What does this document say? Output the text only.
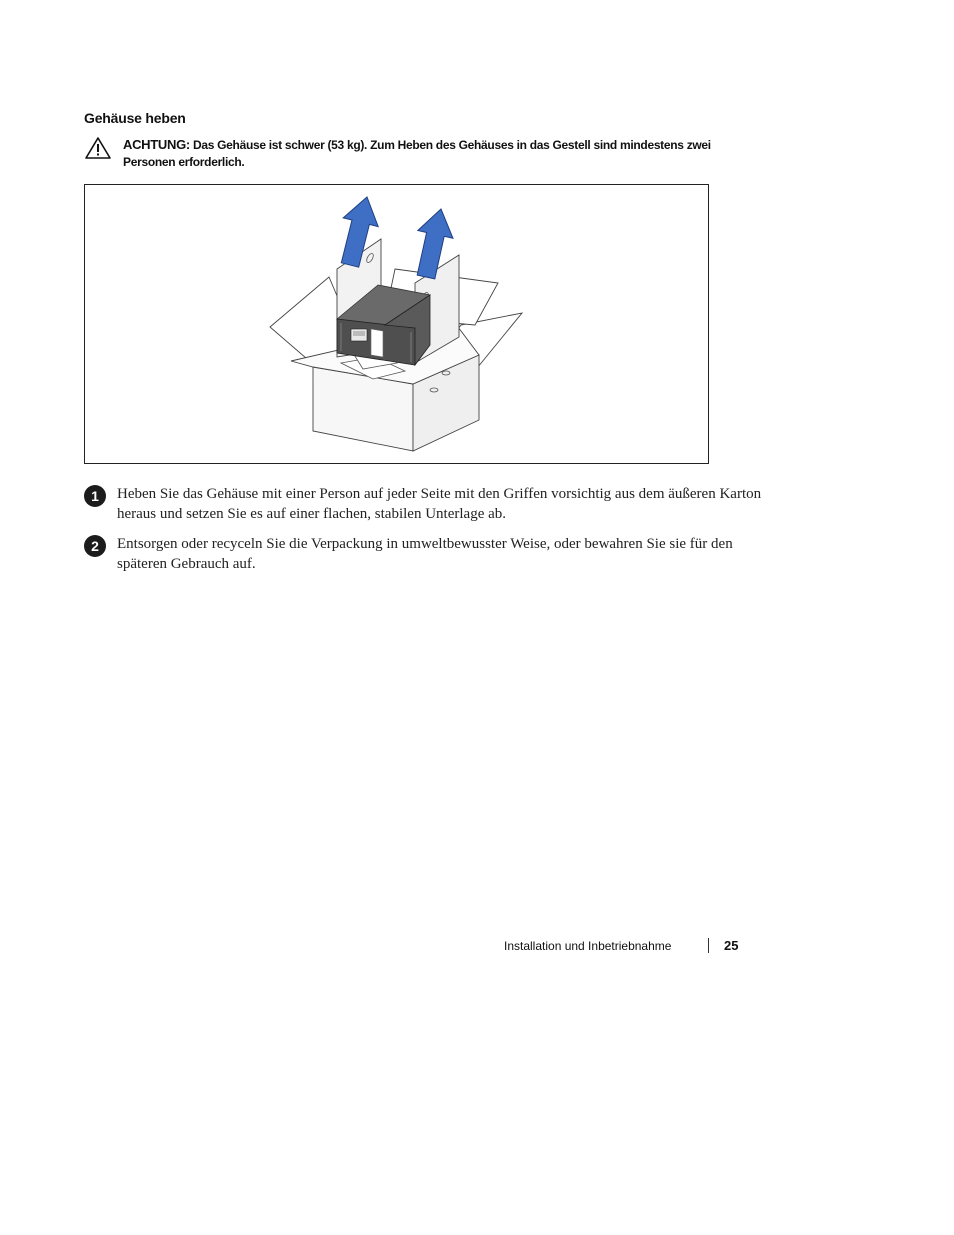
Gehäuse heben
ACHTUNG: Das Gehäuse ist schwer (53 kg). Zum Heben des Gehäuses in das Gestell sind mindestens zwei Personen erforderlich.
1	Heben Sie das Gehäuse mit einer Person auf jeder Seite mit den Griffen vorsichtig aus dem äußeren Karton heraus und setzen Sie es auf einer flachen, stabilen Unterlage ab.
2	Entsorgen oder recyceln Sie die Verpackung in umweltbewusster Weise, oder bewahren Sie sie für den späteren Gebrauch auf.
Installation und Inbetriebnahme	25
